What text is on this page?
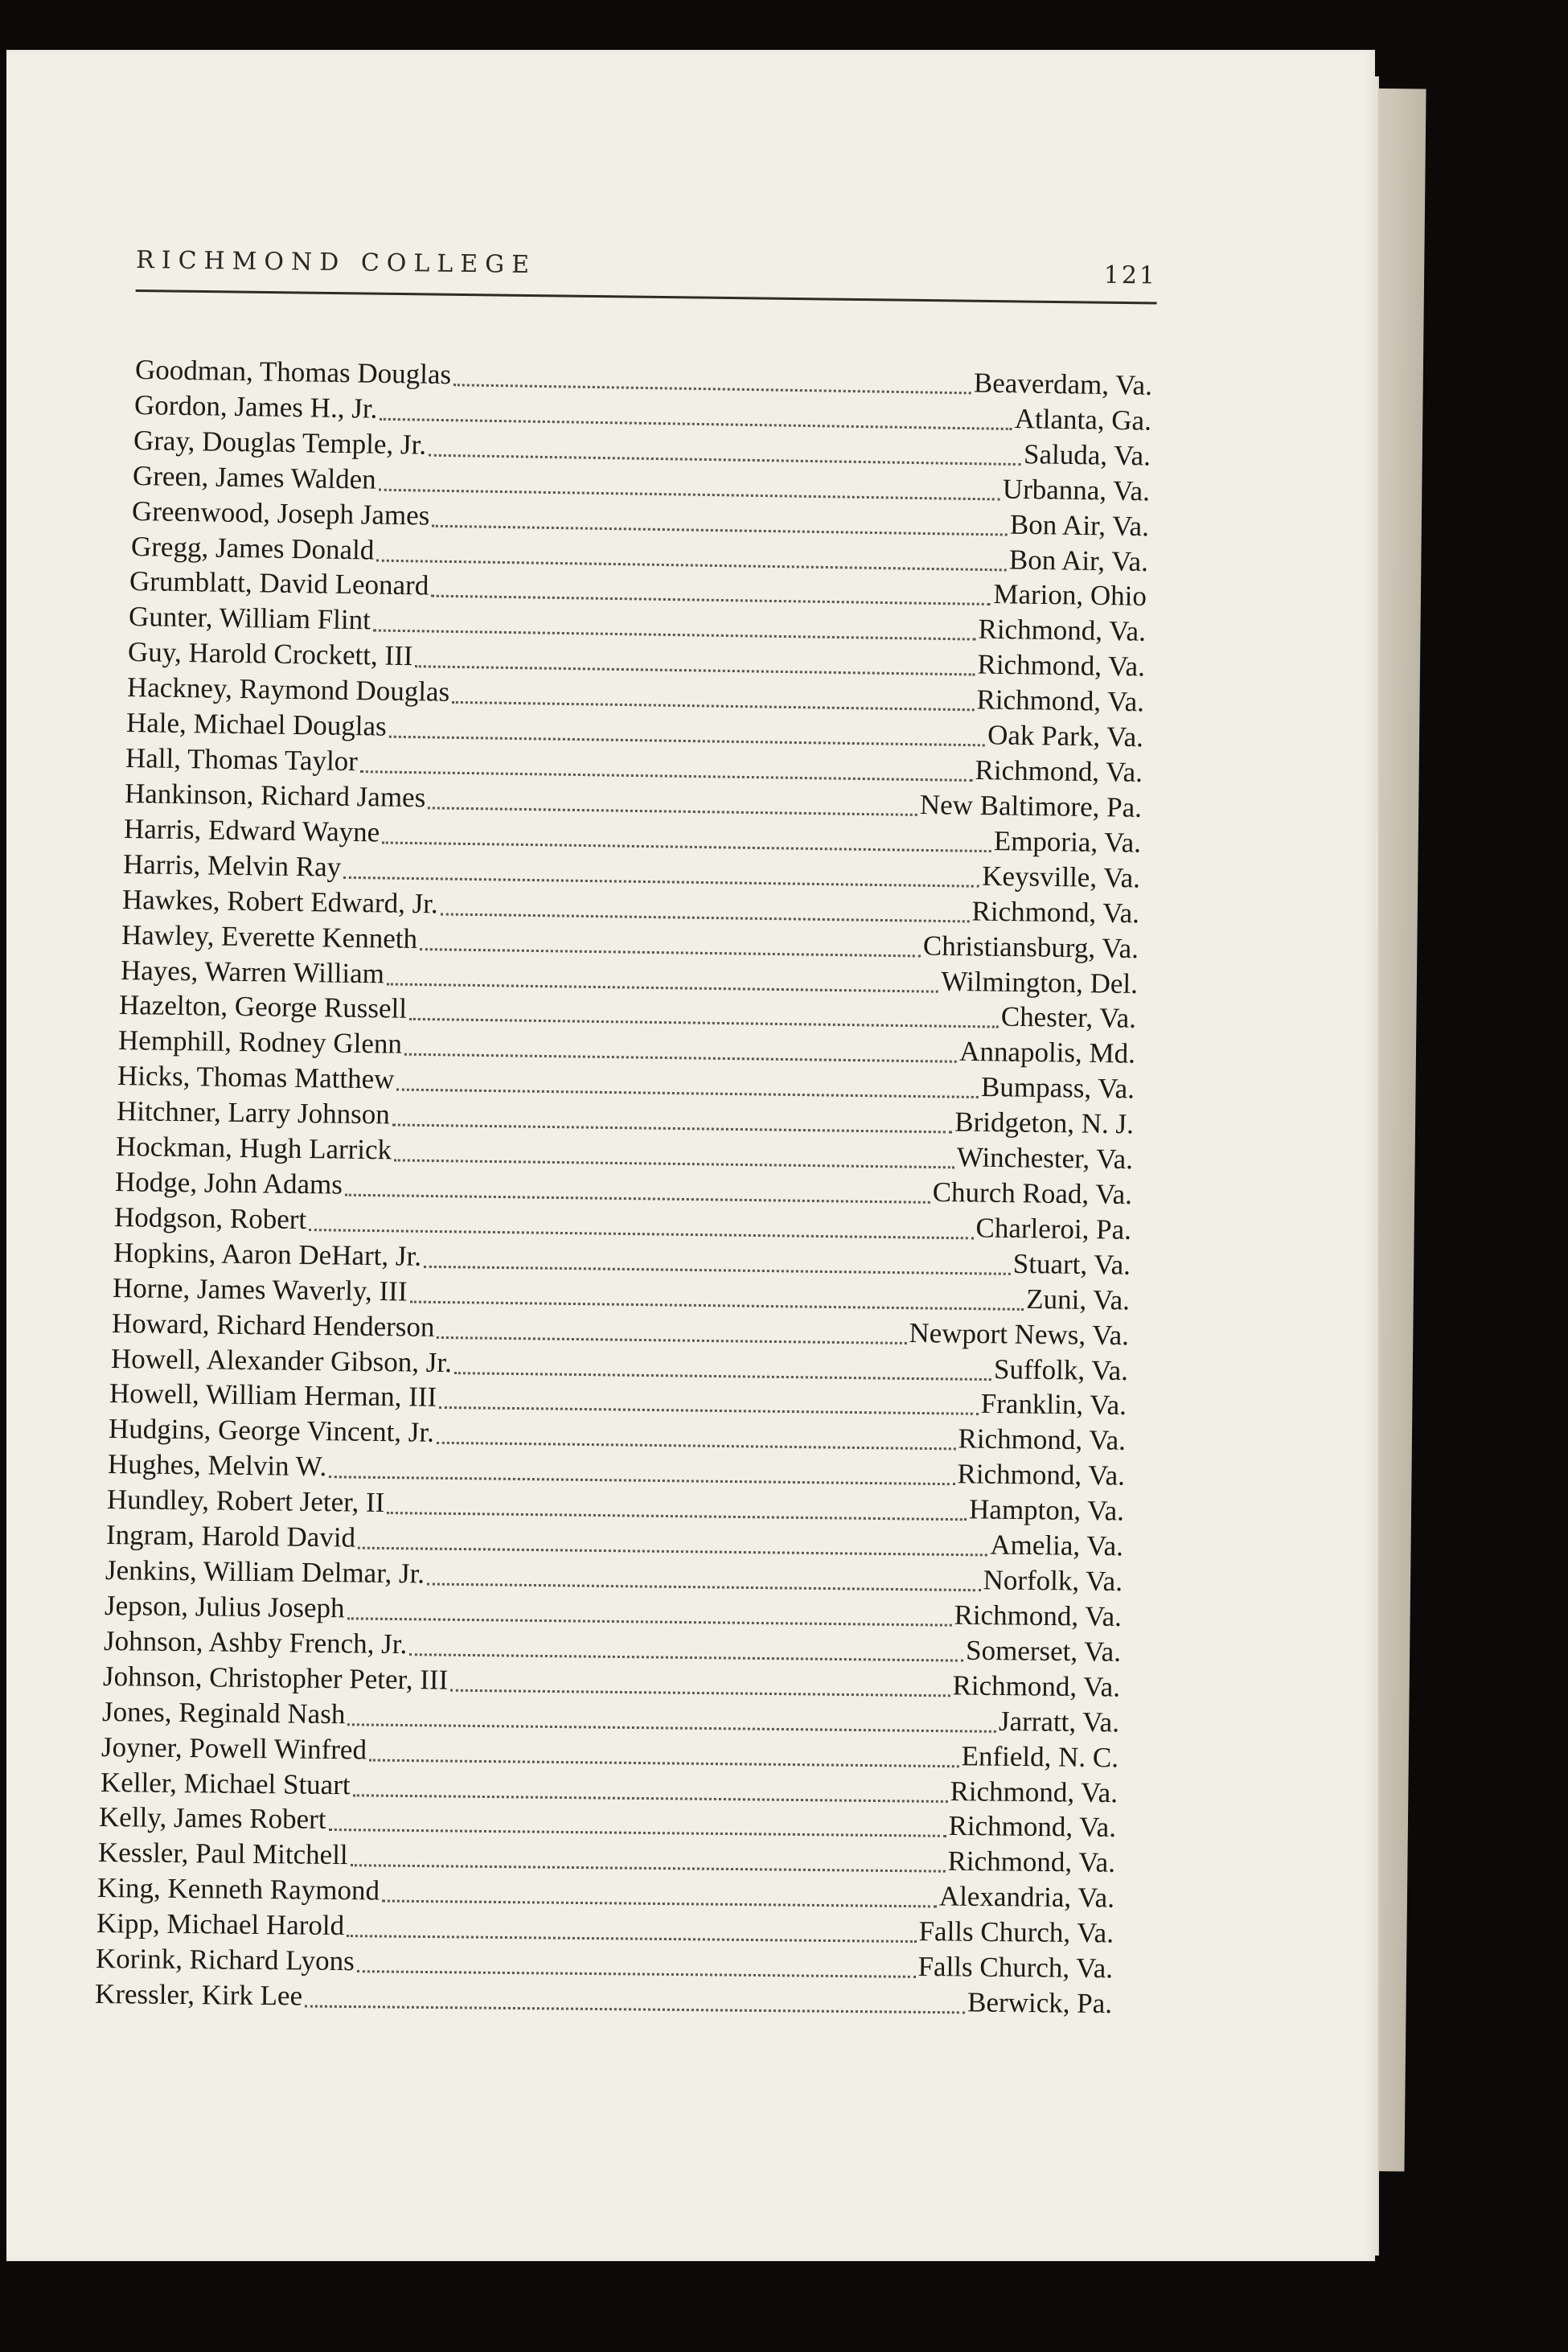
RICHMOND COLLEGE	121
Goodman, Thomas Douglas	Beaverdam, Va.
Gordon, James H., Jr.	Atlanta, Ga.
Gray, Douglas Temple, Jr.	Saluda, Va.
Green, James Walden	Urbanna, Va.
Greenwood, Joseph James	Bon Air, Va.
Gregg, James Donald	Bon Air, Va.
Grumblatt, David Leonard	Marion, Ohio
Gunter, William Flint	Richmond, Va.
Guy, Harold Crockett, III	Richmond, Va.
Hackney, Raymond Douglas	Richmond, Va.
Hale, Michael Douglas	Oak Park, Va.
Hall, Thomas Taylor	Richmond, Va.
Hankinson, Richard James	New Baltimore, Pa.
Harris, Edward Wayne	Emporia, Va.
Harris, Melvin Ray	Keysville, Va.
Hawkes, Robert Edward, Jr.	Richmond, Va.
Hawley, Everette Kenneth	Christiansburg, Va.
Hayes, Warren William	Wilmington, Del.
Hazelton, George Russell	Chester, Va.
Hemphill, Rodney Glenn	Annapolis, Md.
Hicks, Thomas Matthew	Bumpass, Va.
Hitchner, Larry Johnson	Bridgeton, N. J.
Hockman, Hugh Larrick	Winchester, Va.
Hodge, John Adams	Church Road, Va.
Hodgson, Robert	Charleroi, Pa.
Hopkins, Aaron DeHart, Jr.	Stuart, Va.
Horne, James Waverly, III	Zuni, Va.
Howard, Richard Henderson	Newport News, Va.
Howell, Alexander Gibson, Jr.	Suffolk, Va.
Howell, William Herman, III	Franklin, Va.
Hudgins, George Vincent, Jr.	Richmond, Va.
Hughes, Melvin W.	Richmond, Va.
Hundley, Robert Jeter, II	Hampton, Va.
Ingram, Harold David	Amelia, Va.
Jenkins, William Delmar, Jr.	Norfolk, Va.
Jepson, Julius Joseph	Richmond, Va.
Johnson, Ashby French, Jr.	Somerset, Va.
Johnson, Christopher Peter, III	Richmond, Va.
Jones, Reginald Nash	Jarratt, Va.
Joyner, Powell Winfred	Enfield, N. C.
Keller, Michael Stuart	Richmond, Va.
Kelly, James Robert	Richmond, Va.
Kessler, Paul Mitchell	Richmond, Va.
King, Kenneth Raymond	Alexandria, Va.
Kipp, Michael Harold	Falls Church, Va.
Korink, Richard Lyons	Falls Church, Va.
Kressler, Kirk Lee	Berwick, Pa.
